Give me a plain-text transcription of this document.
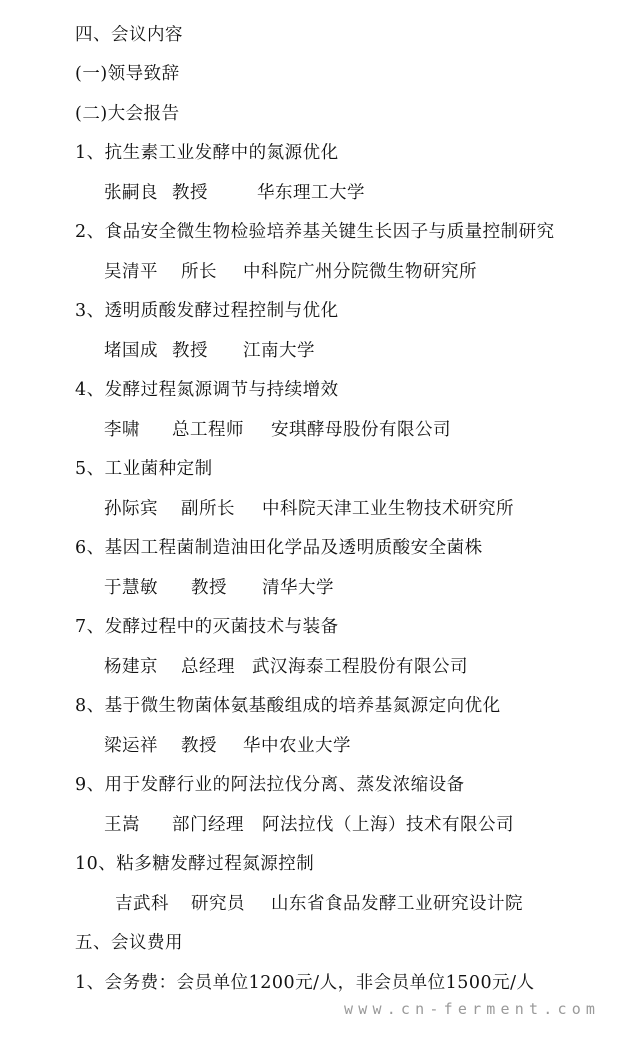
四、会议内容
(一)领导致辞
(二)大会报告
1、抗生素工业发酵中的氮源优化
张嗣良 教授	华东理工大学
2、食品安全微生物检验培养基关键生长因子与质量控制研究
吴清平 所长 中科院广州分院微生物研究所
3、透明质酸发酵过程控制与优化
堵国成 教授 江南大学
4、发酵过程氮源调节与持续增效
李啸 总工程师 安琪酵母股份有限公司
5、工业菌种定制
孙际宾 副所长 中科院天津工业生物技术研究所
6、基因工程菌制造油田化学品及透明质酸安全菌株
于慧敏 教授 清华大学
7、发酵过程中的灭菌技术与装备
杨建京 总经理 武汉海泰工程股份有限公司
8、基于微生物菌体氨基酸组成的培养基氮源定向优化
梁运祥 教授 华中农业大学
9、用于发酵行业的阿法拉伐分离、蒸发浓缩设备
王嵩 部门经理 阿法拉伐（上海）技术有限公司
10、粘多糖发酵过程氮源控制
吉武科 研究员 山东省食品发酵工业研究设计院
五、会议费用
1、会务费：会员单位1200元/人，非会员单位1500元/人
www.cn-ferment.com
